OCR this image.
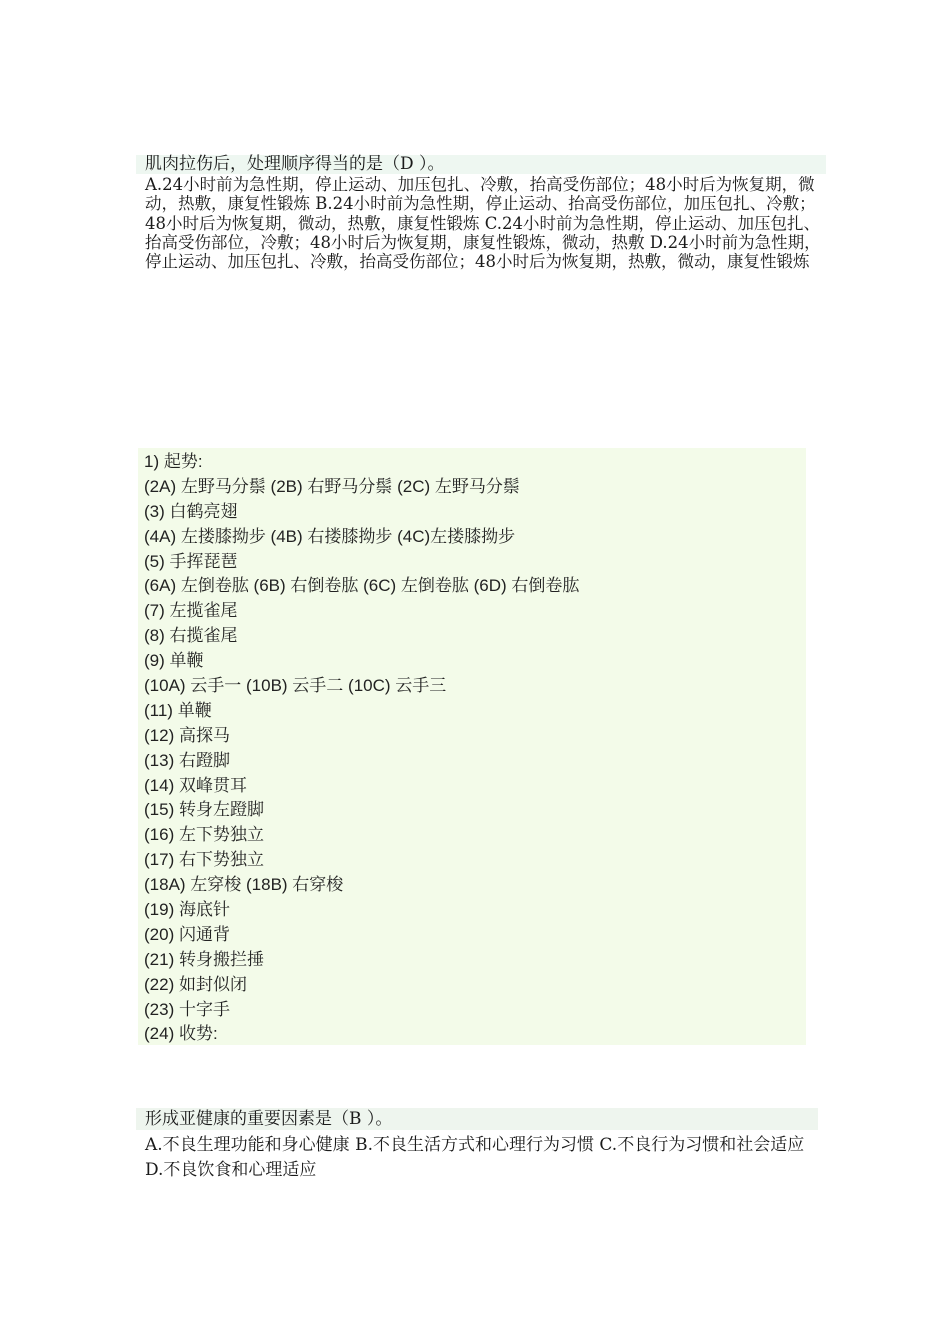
肌肉拉伤后，处理顺序得当的是（D ）。
A.24小时前为急性期，停止运动、加压包扎、冷敷，抬高受伤部位；48小时后为恢复期，微动，热敷，康复性锻炼 B.24小时前为急性期，停止运动、抬高受伤部位，加压包扎、冷敷；48小时后为恢复期，微动，热敷，康复性锻炼 C.24小时前为急性期，停止运动、加压包扎、抬高受伤部位，冷敷；48小时后为恢复期，康复性锻炼，微动，热敷 D.24小时前为急性期，停止运动、加压包扎、冷敷，抬高受伤部位；48小时后为恢复期，热敷，微动，康复性锻炼
1) 起势:
(2A) 左野马分鬃 (2B) 右野马分鬃 (2C) 左野马分鬃
(3) 白鹤亮翅
(4A) 左搂膝拗步 (4B) 右搂膝拗步 (4C)左搂膝拗步
(5) 手挥琵琶
(6A) 左倒卷肱 (6B) 右倒卷肱 (6C) 左倒卷肱 (6D) 右倒卷肱
(7) 左揽雀尾
(8) 右揽雀尾
(9) 单鞭
(10A) 云手一 (10B) 云手二 (10C) 云手三
(11) 单鞭
(12) 高探马
(13) 右蹬脚
(14) 双峰贯耳
(15) 转身左蹬脚
(16) 左下势独立
(17) 右下势独立
(18A) 左穿梭 (18B) 右穿梭
(19) 海底针
(20) 闪通背
(21) 转身搬拦捶
(22) 如封似闭
(23) 十字手
(24) 收势:
形成亚健康的重要因素是（B ）。
A.不良生理功能和身心健康 B.不良生活方式和心理行为习惯 C.不良行为习惯和社会适应 D.不良饮食和心理适应
